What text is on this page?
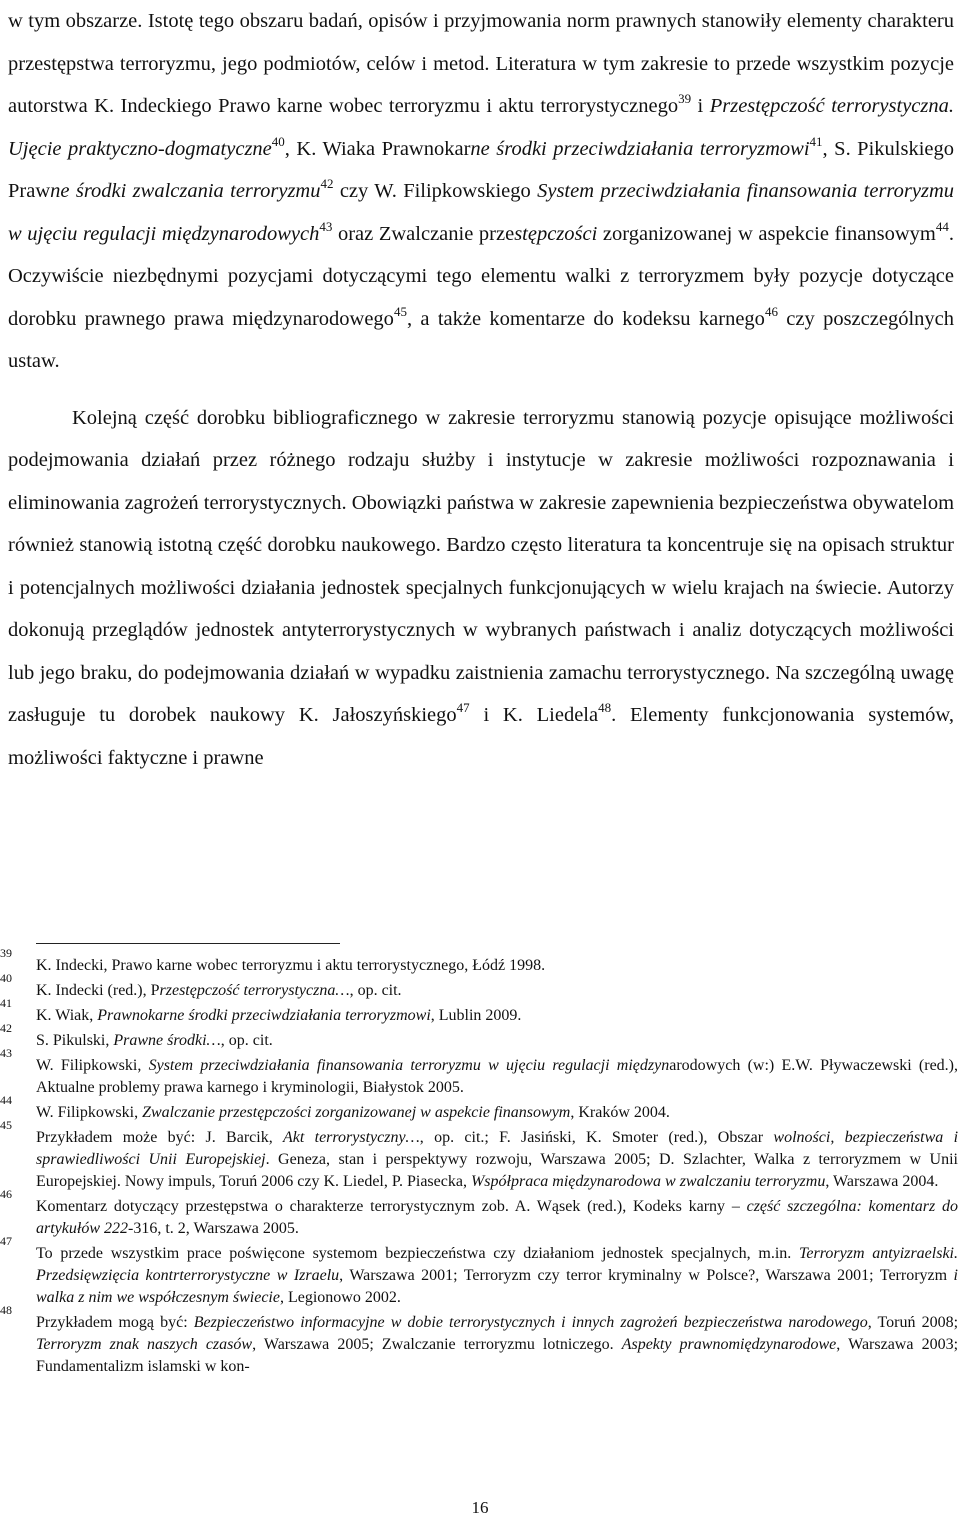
w tym obszarze. Istotę tego obszaru badań, opisów i przyjmowania norm prawnych stanowiły elementy charakteru przestępstwa terroryzmu, jego podmiotów, celów i metod. Literatura w tym zakresie to przede wszystkim pozycje autorstwa K. Indeckiego Prawo karne wobec terroryzmu i aktu terrorystycznego$^{39}$ i Przestępczość terrorystyczna. Ujęcie praktyczno-dogmatyczne$^{40}$, K. Wiaka Prawnokarne środki przeciwdziałania terroryzmowi$^{41}$, S. Pikulskiego Prawne środki zwalczania terroryzmu$^{42}$ czy W. Filipkowskiego System przeciwdziałania finansowania terroryzmu w ujęciu regulacji międzynarodowych$^{43}$ oraz Zwalczanie przestępczości zorganizowanej w aspekcie finansowym$^{44}$. Oczywiście niezbędnymi pozycjami dotyczącymi tego elementu walki z terroryzmem były pozycje dotyczące dorobku prawnego prawa międzynarodowego$^{45}$, a także komentarze do kodeksu karnego$^{46}$ czy poszczególnych ustaw.

Kolejną część dorobku bibliograficznego w zakresie terroryzmu stanowią pozycje opisujące możliwości podejmowania działań przez różnego rodzaju służby i instytucje w zakresie możliwości rozpoznawania i eliminowania zagrożeń terrorystycznych. Obowiązki państwa w zakresie zapewnienia bezpieczeństwa obywatelom również stanowią istotną część dorobku naukowego. Bardzo często literatura ta koncentruje się na opisach struktur i potencjalnych możliwości działania jednostek specjalnych funkcjonujących w wielu krajach na świecie. Autorzy dokonują przeglądów jednostek antyterrorystycznych w wybranych państwach i analiz dotyczących możliwości lub jego braku, do podejmowania działań w wypadku zaistnienia zamachu terrorystycznego. Na szczególną uwagę zasługuje tu dorobek naukowy K. Jałoszyńskiego$^{47}$ i K. Liedela$^{48}$. Elementy funkcjonowania systemów, możliwości faktyczne i prawne

39
K. Indecki, Prawo karne wobec terroryzmu i aktu terrorystycznego, Łódź 1998.
40
K. Indecki (red.), Przestępczość terrorystyczna…, op. cit.
41
K. Wiak, Prawnokarne środki przeciwdziałania terroryzmowi, Lublin 2009.
42
S. Pikulski, Prawne środki…, op. cit.
43
W. Filipkowski, System przeciwdziałania finansowania terroryzmu w ujęciu regulacji międzynarodowych (w:) E.W. Pływaczewski (red.), Aktualne problemy prawa karnego i kryminologii, Białystok 2005.
44
W. Filipkowski, Zwalczanie przestępczości zorganizowanej w aspekcie finansowym, Kraków 2004.
45
Przykładem może być: J. Barcik, Akt terrorystyczny…, op. cit.; F. Jasiński, K. Smoter (red.), Obszar wolności, bezpieczeństwa i sprawiedliwości Unii Europejskiej. Geneza, stan i perspektywy rozwoju, Warszawa 2005; D. Szlachter, Walka z terroryzmem w Unii Europejskiej. Nowy impuls, Toruń 2006 czy K. Liedel, P. Piasecka, Współpraca międzynarodowa w zwalczaniu terroryzmu, Warszawa 2004.
46
Komentarz dotyczący przestępstwa o charakterze terrorystycznym zob. A. Wąsek (red.), Kodeks karny – część szczególna: komentarz do artykułów 222-316, t. 2, Warszawa 2005.
47
To przede wszystkim prace poświęcone systemom bezpieczeństwa czy działaniom jednostek specjalnych, m.in. Terroryzm antyizraelski. Przedsięwzięcia kontrterrorystyczne w Izraelu, Warszawa 2001; Terroryzm czy terror kryminalny w Polsce?, Warszawa 2001; Terroryzm i walka z nim we współczesnym świecie, Legionowo 2002.
48
Przykładem mogą być: Bezpieczeństwo informacyjne w dobie terrorystycznych i innych zagrożeń bezpieczeństwa narodowego, Toruń 2008; Terroryzm znak naszych czasów, Warszawa 2005; Zwalczanie terroryzmu lotniczego. Aspekty prawnomiędzynarodowe, Warszawa 2003; Fundamentalizm islamski w kon-
16
